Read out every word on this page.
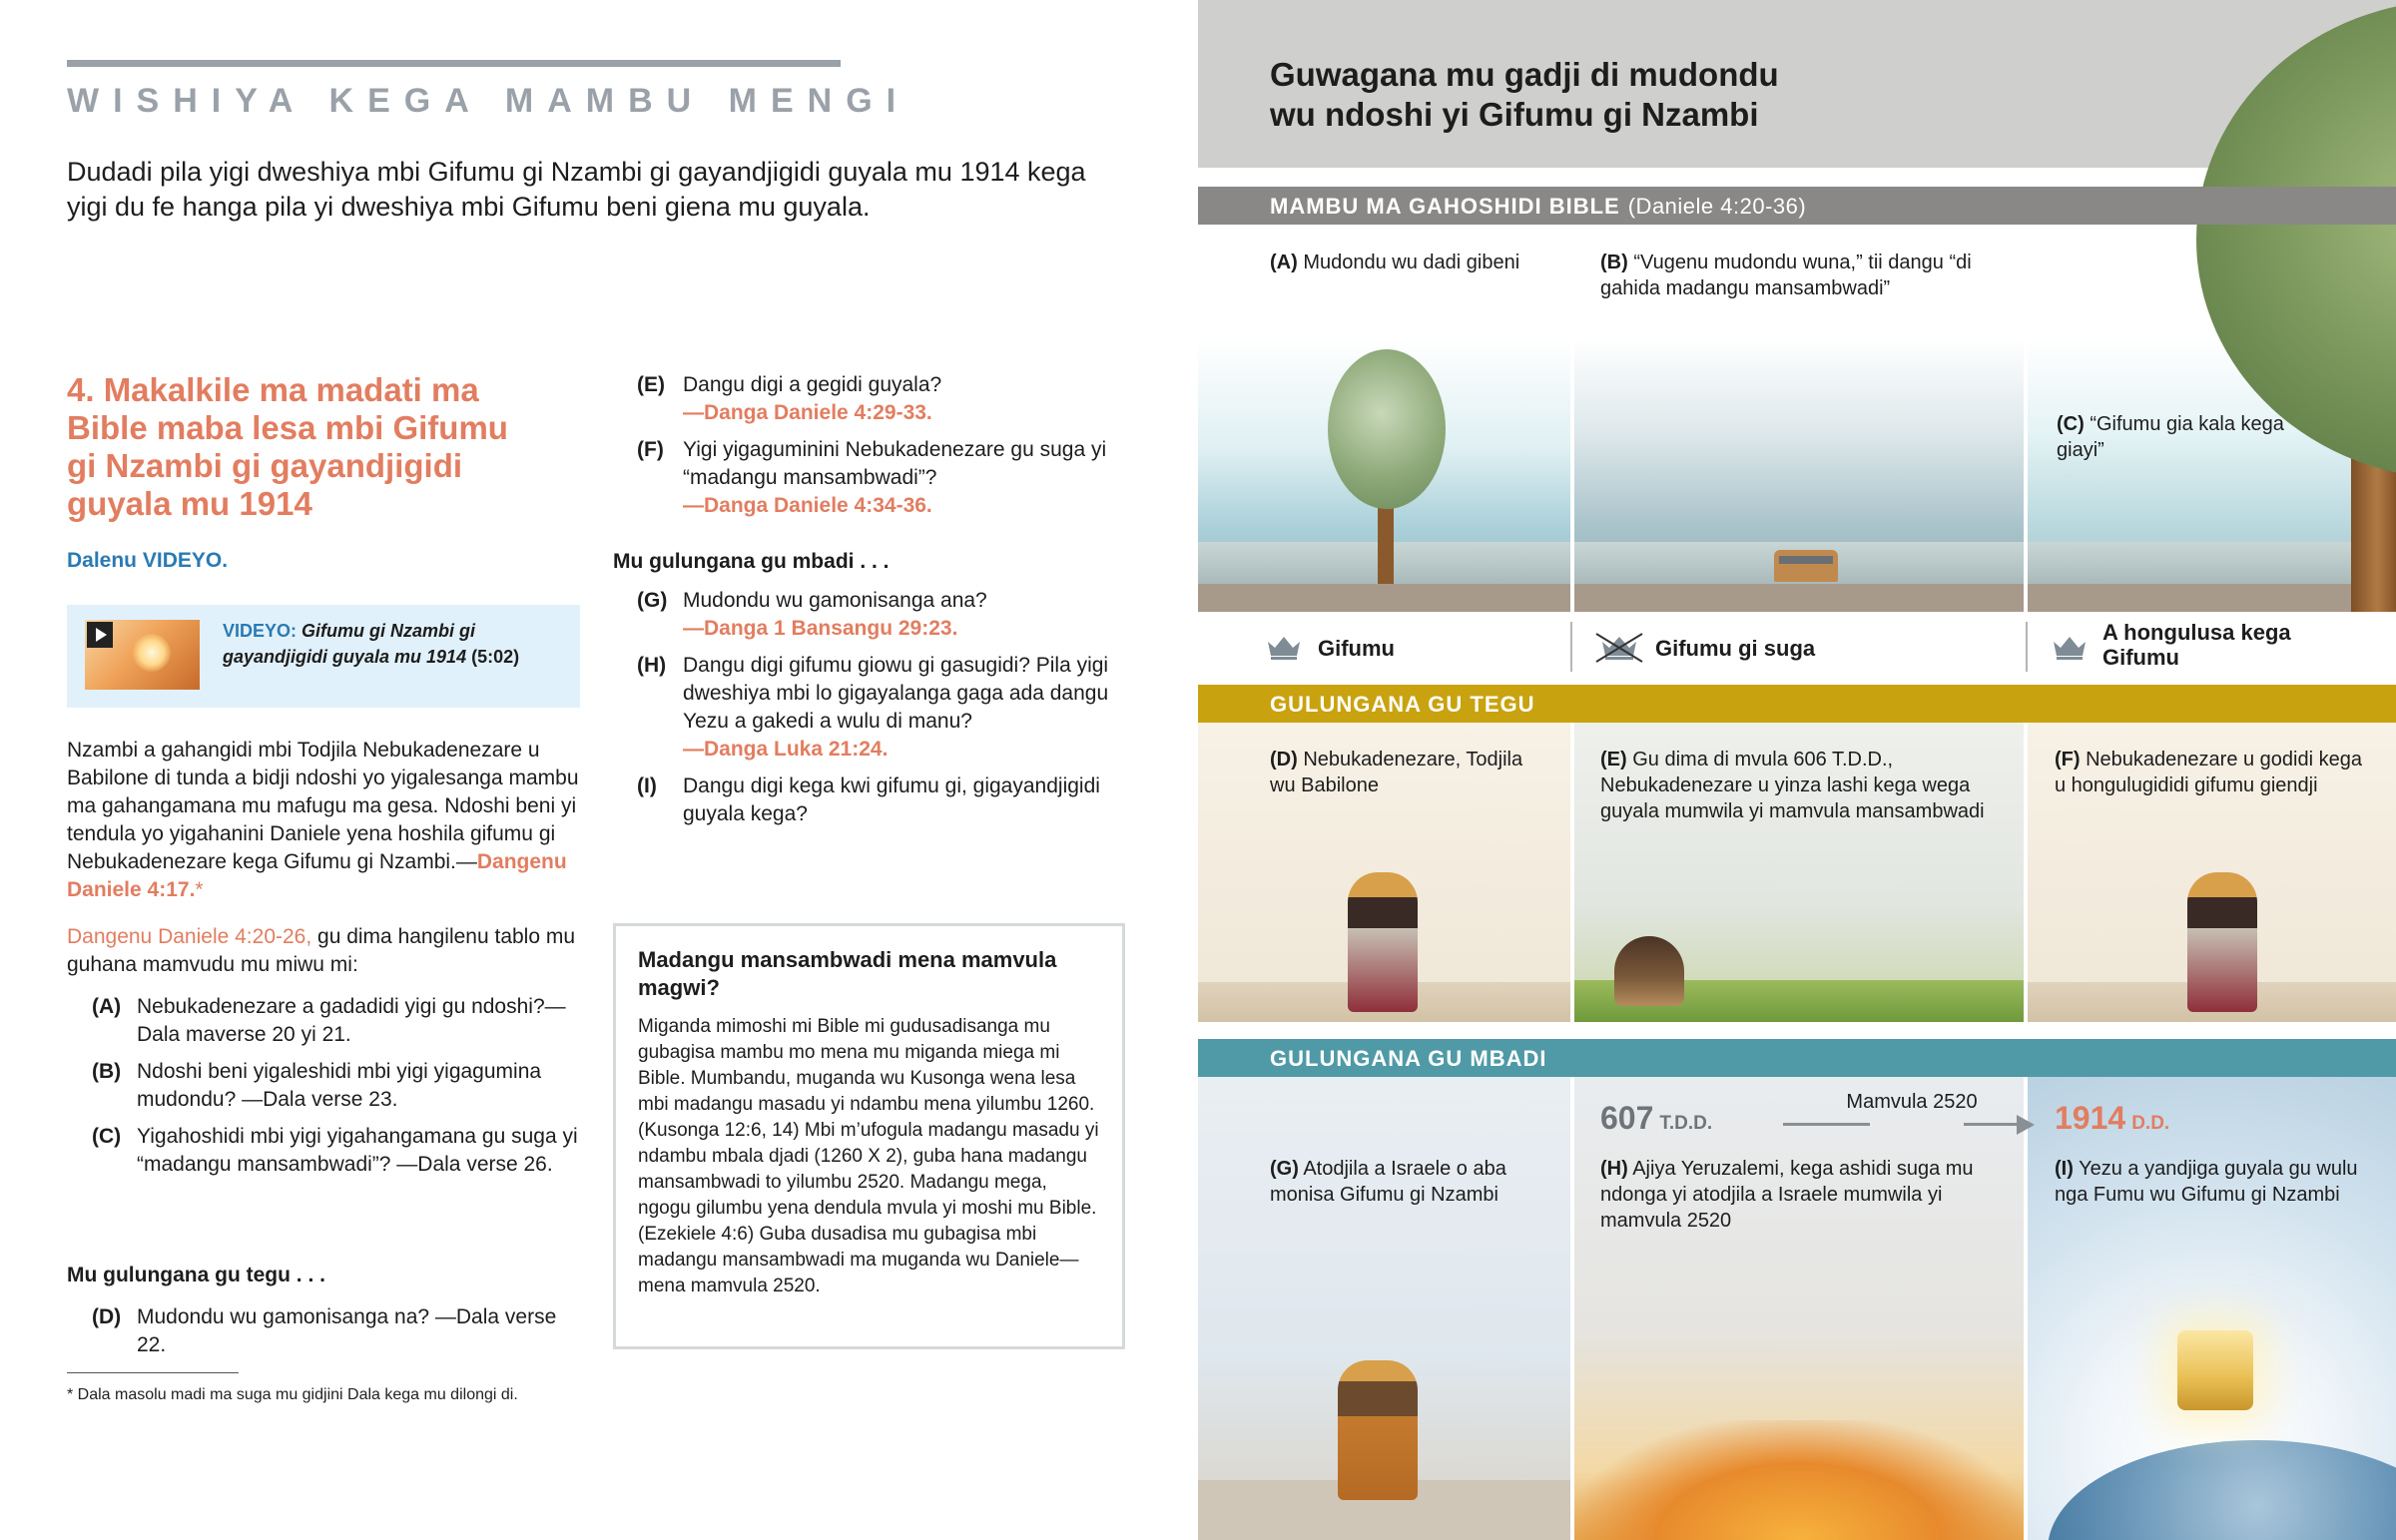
WISHIYA KEGA MAMBU MENGI

Dudadi pila yigi dweshiya mbi Gifumu gi Nzambi gi gayandjigidi guyala mu 1914 kega yigi du fe hanga pila yi dweshiya mbi Gifumu beni giena mu guyala.

4. Makalkile ma madati ma
Bible maba lesa mbi Gifumu
gi Nzambi gi gayandjigidi
guyala mu 1914
Dalenu VIDEYO.
VIDEYO: Gifumu gi Nzambi gi gayandjigidi guyala mu 1914 (5:02)

Nzambi a gahangidi mbi Todjila Nebukadenezare u Babilone di tunda a bidji ndoshi yo yigalesanga mambu ma gahangamana mu mafugu ma gesa. Ndoshi beni yi tendula yo yigahanini Daniele yena hoshila gifumu gi Nebukadenezare kega Gifumu gi Nzambi.—Dangenu Daniele 4:17.*

Dangenu Daniele 4:20-26, gu dima hangilenu tablo mu guhana mamvudu mu miwu mi:

(A) Nebukadenezare a gadadidi yigi gu ndoshi?—Dala maverse 20 yi 21.
(B) Ndoshi beni yigaleshidi mbi yigi yigagumina mudondu? —Dala verse 23.
(C) Yigahoshidi mbi yigi yigahangamana gu suga yi “madangu mansambwadi”? —Dala verse 26.
Mu gulungana gu tegu . . .
(D) Mudondu wu gamonisanga na? —Dala verse 22.
* Dala masolu madi ma suga mu gidjini Dala kega mu dilongi di.
(E) Dangu digi a gegidi guyala?
—Danga Daniele 4:29-33.
(F) Yigi yigaguminini Nebukadenezare gu suga yi “madangu mansambwadi”?
—Danga Daniele 4:34-36.
Mu gulungana gu mbadi . . .
(G) Mudondu wu gamonisanga ana?
—Danga 1 Bansangu 29:23.
(H) Dangu digi gifumu giowu gi gasugidi? Pila yigi dweshiya mbi lo gigayalanga gaga ada dangu Yezu a gakedi a wulu di manu?
—Danga Luka 21:24.
(I) Dangu digi kega kwi gifumu gi, gigayandjigidi guyala kega?
Madangu mansambwadi mena mamvula magwi?
Miganda mimoshi mi Bible mi gudusadisanga mu gubagisa mambu mo mena mu miganda miega mi Bible. Mumbandu, muganda wu Kusonga wena lesa mbi madangu masadu yi ndambu mena yilumbu 1260. (Kusonga 12:6, 14) Mbi m’ufogula madangu masadu yi ndambu mbala djadi (1260 X 2), guba hana madangu mansambwadi to yilumbu 2520. Madangu mega, ngogu gilumbu yena dendula mvula yi moshi mu Bible. (Ezekiele 4:6) Guba dusadisa mu gubagisa mbi madangu mansambwadi ma muganda wu Daniele—mena mamvula 2520.
Guwagana mu gadji di mudondu
wu ndoshi yi Gifumu gi Nzambi
MAMBU MA GAHOSHIDI BIBLE (Daniele 4:20-36)
(A) Mudondu wu dadi gibeni	(B) “Vugenu mudondu wuna,” tii dangu “di gahida madangu mansambwadi”
(C) “Gifumu gia kala kega giayi”
Gifumu	Gifumu gi suga
A hongulusa kega Gifumu
GULUNGANA GU TEGU
(D) Nebukadenezare, Todjila wu Babilone
(E) Gu dima di mvula 606 T.D.D., Nebukadenezare u yinza lashi kega wega guyala mumwila yi mamvula mansambwadi
(F) Nebukadenezare u godidi kega u hongulugididi gifumu giendji
GULUNGANA GU MBADI
607 T.D.D.
Mamvula 2520 1914 D.D.
(G) Atodjila a Israele o aba monisa Gifumu gi Nzambi
(H) Ajiya Yeruzalemi, kega ashidi suga mu ndonga yi atodjila a Israele mumwila yi mamvula 2520
(I) Yezu a yandjiga guyala gu wulu nga Fumu wu Gifumu gi Nzambi
